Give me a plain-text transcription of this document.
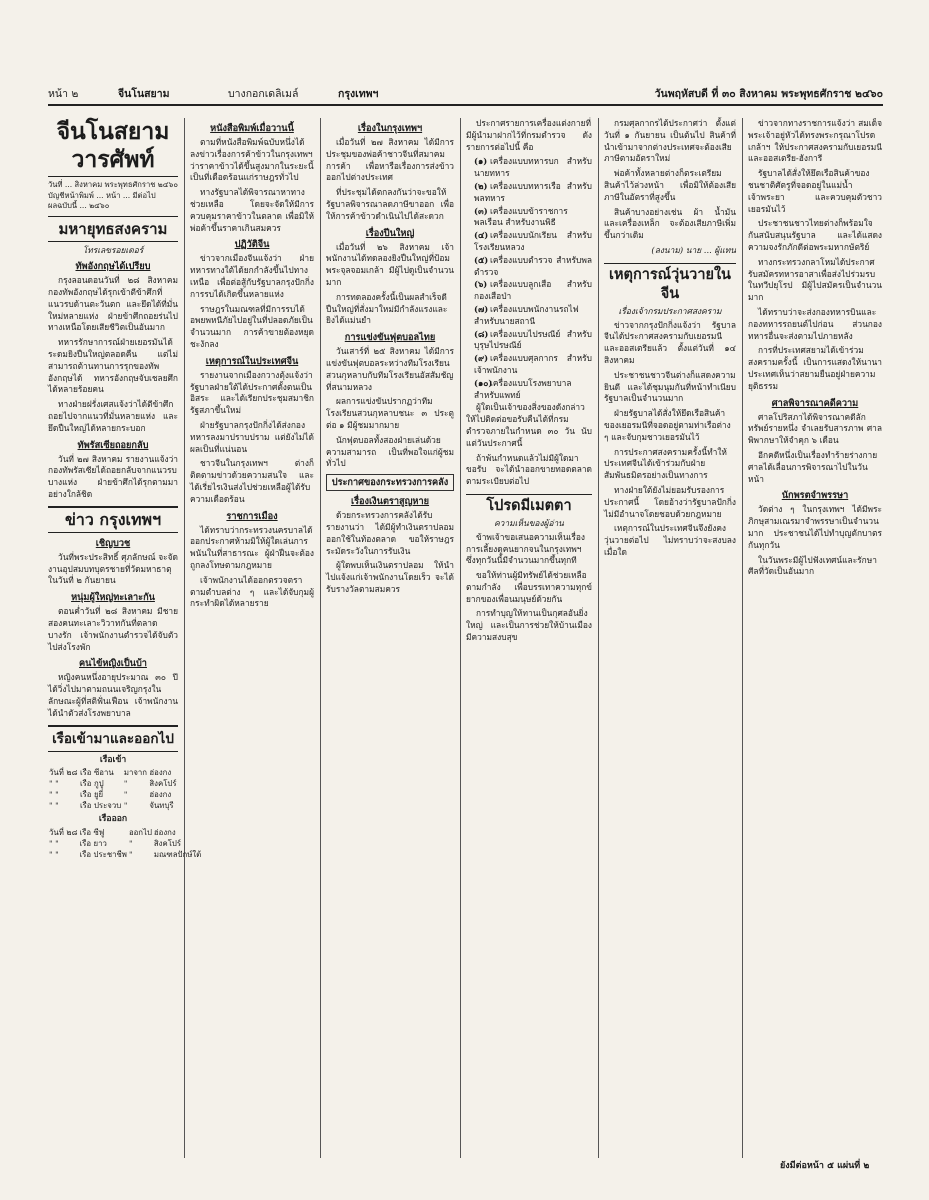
หน้า ๒	จีนโนสยาม	บางกอกเดลิเมล์	กรุงเทพฯ	วันพฤหัสบดี ที่ ๓๐ สิงหาคม พระพุทธศักราช ๒๔๖๐
จีนโนสยามวารศัพท์
วันที่ ... สิงหาคม พระพุทธศักราช ๒๔๖๐
บัญชีหน้าพิมพ์ ... หน้า ... มีต่อไป
ผลฉบับนี้ ... ๒๔๖๐
มหายุทธสงคราม
โทรเลขรอยเตอร์
ทัพอังกฤษได้เปรียบ

กรุงลอนดอนวันที่ ๒๘ สิงหาคม กองทัพอังกฤษได้รุกเข้าตีข้าศึกที่แนวรบด้านตะวันตก และยึดได้ที่มั่นใหม่หลายแห่ง ฝ่ายข้าศึกถอยร่นไปทางเหนือโดยเสียชีวิตเป็นอันมาก

ทหารรักษาการณ์ฝ่ายเยอรมันได้ระดมยิงปืนใหญ่ตลอดคืน แต่ไม่สามารถต้านทานการรุกของทัพอังกฤษได้ ทหารอังกฤษจับเชลยศึกได้หลายร้อยคน

ทางฝ่ายฝรั่งเศสแจ้งว่าได้ตีข้าศึกถอยไปจากแนวที่มั่นหลายแห่ง และยึดปืนใหญ่ได้หลายกระบอก

ทัพรัสเซียถอยกลับ

วันที่ ๒๗ สิงหาคม รายงานแจ้งว่ากองทัพรัสเซียได้ถอยกลับจากแนวรบบางแห่ง ฝ่ายข้าศึกได้รุกตามมาอย่างใกล้ชิด

ข่าว กรุงเทพฯ
เชิญบวช

วันที่พระประสิทธิ์ ศุภลักษณ์ จะจัดงานอุปสมบทบุตรชายที่วัดมหาธาตุ ในวันที่ ๒ กันยายน

หนุ่มผู้ใหญ่ทะเลาะกัน

ตอนค่ำวันที่ ๒๘ สิงหาคม มีชายสองคนทะเลาะวิวาทกันที่ตลาดบางรัก เจ้าพนักงานตำรวจได้จับตัวไปส่งโรงพัก

คนไข้หญิงเป็นบ้า

หญิงคนหนึ่งอายุประมาณ ๓๐ ปี ได้วิ่งไปมาตามถนนเจริญกรุงในลักษณะผู้ที่สติฟั่นเฟือน เจ้าพนักงานได้นำตัวส่งโรงพยาบาล

เรือเข้ามาและออกไป
เรือเข้า
วันที่ ๒๘	เรือ ซีอาน	มาจาก	ฮ่องกง
" "	เรือ กูปู	"	สิงคโปร์
" "	เรือ ยูยี่	"	ฮ่องกง
" "	เรือ ประจวบ	"	จันทบุรี
เรือออก
วันที่ ๒๘	เรือ ซีฟู	ออกไป	ฮ่องกง
" "	เรือ ยาว	"	สิงคโปร์
" "	เรือ ประชาชีพ	"	มณฑลปักษ์ใต้
หนังสือพิมพ์เมื่อวานนี้

ตามที่หนังสือพิมพ์ฉบับหนึ่งได้ลงข่าวเรื่องการค้าข้าวในกรุงเทพฯ ว่าราคาข้าวได้ขึ้นสูงมากในระยะนี้ เป็นที่เดือดร้อนแก่ราษฎรทั่วไป

ทางรัฐบาลได้พิจารณาหาทางช่วยเหลือ โดยจะจัดให้มีการควบคุมราคาข้าวในตลาด เพื่อมิให้พ่อค้าขึ้นราคาเกินสมควร

ปฏิวัติจีน

ข่าวจากเมืองจีนแจ้งว่า ฝ่ายทหารทางใต้ได้ยกกำลังขึ้นไปทางเหนือ เพื่อต่อสู้กับรัฐบาลกรุงปักกิ่ง การรบได้เกิดขึ้นหลายแห่ง

ราษฎรในมณฑลที่มีการรบได้อพยพหนีภัยไปอยู่ในที่ปลอดภัยเป็นจำนวนมาก การค้าขายต้องหยุดชะงักลง

เหตุการณ์ในประเทศจีน

รายงานจากเมืองกวางตุ้งแจ้งว่า รัฐบาลฝ่ายใต้ได้ประกาศตั้งตนเป็นอิสระ และได้เรียกประชุมสมาชิกรัฐสภาขึ้นใหม่

ฝ่ายรัฐบาลกรุงปักกิ่งได้ส่งกองทหารลงมาปราบปราม แต่ยังไม่ได้ผลเป็นที่แน่นอน

ชาวจีนในกรุงเทพฯ ต่างก็ติดตามข่าวด้วยความสนใจ และได้เรี่ยไรเงินส่งไปช่วยเหลือผู้ได้รับความเดือดร้อน

ราชการเมือง

ได้ทราบว่ากระทรวงนครบาลได้ออกประกาศห้ามมิให้ผู้ใดเล่นการพนันในที่สาธารณะ ผู้ฝ่าฝืนจะต้องถูกลงโทษตามกฎหมาย

เจ้าพนักงานได้ออกตรวจตราตามตำบลต่าง ๆ และได้จับกุมผู้กระทำผิดได้หลายราย

เรื่องในกรุงเทพฯ

เมื่อวันที่ ๒๗ สิงหาคม ได้มีการประชุมของพ่อค้าชาวจีนที่สมาคมการค้า เพื่อหารือเรื่องการส่งข้าวออกไปต่างประเทศ

ที่ประชุมได้ตกลงกันว่าจะขอให้รัฐบาลพิจารณาลดภาษีขาออก เพื่อให้การค้าข้าวดำเนินไปได้สะดวก

เรื่องปีนใหญ่

เมื่อวันที่ ๒๖ สิงหาคม เจ้าพนักงานได้ทดลองยิงปืนใหญ่ที่ป้อมพระจุลจอมเกล้า มีผู้ไปดูเป็นจำนวนมาก

การทดลองครั้งนี้เป็นผลสำเร็จดี ปืนใหญ่ที่สั่งมาใหม่มีกำลังแรงและยิงได้แม่นยำ

การแข่งขันฟุตบอลไทย

วันเสาร์ที่ ๒๕ สิงหาคม ได้มีการแข่งขันฟุตบอลระหว่างทีมโรงเรียนสวนกุหลาบกับทีมโรงเรียนอัสสัมชัญที่สนามหลวง

ผลการแข่งขันปรากฏว่าทีมโรงเรียนสวนกุหลาบชนะ ๓ ประตูต่อ ๑ มีผู้ชมมากมาย

นักฟุตบอลทั้งสองฝ่ายเล่นด้วยความสามารถ เป็นที่พอใจแก่ผู้ชมทั่วไป

ประกาศของกระทรวงการคลัง
เรื่องเงินตราสูญหาย

ด้วยกระทรวงการคลังได้รับรายงานว่า ได้มีผู้ทำเงินตราปลอมออกใช้ในท้องตลาด ขอให้ราษฎรระมัดระวังในการรับเงิน

ผู้ใดพบเห็นเงินตราปลอม ให้นำไปแจ้งแก่เจ้าพนักงานโดยเร็ว จะได้รับรางวัลตามสมควร

ประกาศรายการเครื่องแต่งกายที่มีผู้นำมาฝากไว้ที่กรมตำรวจ ดังรายการต่อไปนี้ คือ

(๑) เครื่องแบบทหารบก สำหรับนายทหาร
(๒) เครื่องแบบทหารเรือ สำหรับพลทหาร
(๓) เครื่องแบบข้าราชการพลเรือน สำหรับงานพิธี
(๔) เครื่องแบบนักเรียน สำหรับโรงเรียนหลวง
(๕) เครื่องแบบตำรวจ สำหรับพลตำรวจ
(๖) เครื่องแบบลูกเสือ สำหรับกองเสือป่า
(๗) เครื่องแบบพนักงานรถไฟ สำหรับนายสถานี
(๘) เครื่องแบบไปรษณีย์ สำหรับบุรุษไปรษณีย์
(๙) เครื่องแบบศุลกากร สำหรับเจ้าพนักงาน
(๑๐)เครื่องแบบโรงพยาบาล สำหรับแพทย์

ผู้ใดเป็นเจ้าของสิ่งของดังกล่าว ให้ไปติดต่อขอรับคืนได้ที่กรมตำรวจภายในกำหนด ๓๐ วัน นับแต่วันประกาศนี้

ถ้าพ้นกำหนดแล้วไม่มีผู้ใดมาขอรับ จะได้นำออกขายทอดตลาดตามระเบียบต่อไป

โปรดมีเมตตา
ความเห็นของผู้อ่าน

ข้าพเจ้าขอเสนอความเห็นเรื่องการเลี้ยงดูคนยากจนในกรุงเทพฯ ซึ่งทุกวันนี้มีจำนวนมากขึ้นทุกที

ขอให้ท่านผู้มีทรัพย์ได้ช่วยเหลือตามกำลัง เพื่อบรรเทาความทุกข์ยากของเพื่อนมนุษย์ด้วยกัน

การทำบุญให้ทานเป็นกุศลอันยิ่งใหญ่ และเป็นการช่วยให้บ้านเมืองมีความสงบสุข

กรมศุลกากรได้ประกาศว่า ตั้งแต่วันที่ ๑ กันยายน เป็นต้นไป สินค้าที่นำเข้ามาจากต่างประเทศจะต้องเสียภาษีตามอัตราใหม่

พ่อค้าทั้งหลายต่างก็ตระเตรียมสินค้าไว้ล่วงหน้า เพื่อมิให้ต้องเสียภาษีในอัตราที่สูงขึ้น

สินค้าบางอย่างเช่น ผ้า น้ำมัน และเครื่องเหล็ก จะต้องเสียภาษีเพิ่มขึ้นกว่าเดิม

(ลงนาม) นาย ... ผู้แทน
เหตุการณ์วุ่นวายในจีน
เรื่องเจ้ากรมประกาศสงคราม

ข่าวจากกรุงปักกิ่งแจ้งว่า รัฐบาลจีนได้ประกาศสงครามกับเยอรมนีและออสเตรียแล้ว ตั้งแต่วันที่ ๑๔ สิงหาคม

ประชาชนชาวจีนต่างก็แสดงความยินดี และได้ชุมนุมกันที่หน้าทำเนียบรัฐบาลเป็นจำนวนมาก

ฝ่ายรัฐบาลได้สั่งให้ยึดเรือสินค้าของเยอรมนีที่จอดอยู่ตามท่าเรือต่าง ๆ และจับกุมชาวเยอรมันไว้

การประกาศสงครามครั้งนี้ทำให้ประเทศจีนได้เข้าร่วมกับฝ่ายสัมพันธมิตรอย่างเป็นทางการ

ทางฝ่ายใต้ยังไม่ยอมรับรองการประกาศนี้ โดยอ้างว่ารัฐบาลปักกิ่งไม่มีอำนาจโดยชอบด้วยกฎหมาย

เหตุการณ์ในประเทศจีนจึงยังคงวุ่นวายต่อไป ไม่ทราบว่าจะสงบลงเมื่อใด

ข่าวจากทางราชการแจ้งว่า สมเด็จพระเจ้าอยู่หัวได้ทรงพระกรุณาโปรดเกล้าฯ ให้ประกาศสงครามกับเยอรมนีและออสเตรีย-ฮังการี

รัฐบาลได้สั่งให้ยึดเรือสินค้าของชนชาติศัตรูที่จอดอยู่ในแม่น้ำเจ้าพระยา และควบคุมตัวชาวเยอรมันไว้

ประชาชนชาวไทยต่างก็พร้อมใจกันสนับสนุนรัฐบาล และได้แสดงความจงรักภักดีต่อพระมหากษัตริย์

ทางกระทรวงกลาโหมได้ประกาศรับสมัครทหารอาสาเพื่อส่งไปร่วมรบในทวีปยุโรป มีผู้ไปสมัครเป็นจำนวนมาก

ได้ทราบว่าจะส่งกองทหารบินและกองทหารรถยนต์ไปก่อน ส่วนกองทหารอื่นจะส่งตามไปภายหลัง

การที่ประเทศสยามได้เข้าร่วมสงครามครั้งนี้ เป็นการแสดงให้นานาประเทศเห็นว่าสยามยืนอยู่ฝ่ายความยุติธรรม

ศาลพิจารณาคดีความ

ศาลโปริสภาได้พิจารณาคดีลักทรัพย์รายหนึ่ง จำเลยรับสารภาพ ศาลพิพากษาให้จำคุก ๖ เดือน

อีกคดีหนึ่งเป็นเรื่องทำร้ายร่างกาย ศาลได้เลื่อนการพิจารณาไปในวันหน้า

นักพรตจำพรรษา

วัดต่าง ๆ ในกรุงเทพฯ ได้มีพระภิกษุสามเณรมาจำพรรษาเป็นจำนวนมาก ประชาชนได้ไปทำบุญตักบาตรกันทุกวัน

ในวันพระมีผู้ไปฟังเทศน์และรักษาศีลที่วัดเป็นอันมาก

ยังมีต่อหน้า ๕ แผ่นที่ ๒
